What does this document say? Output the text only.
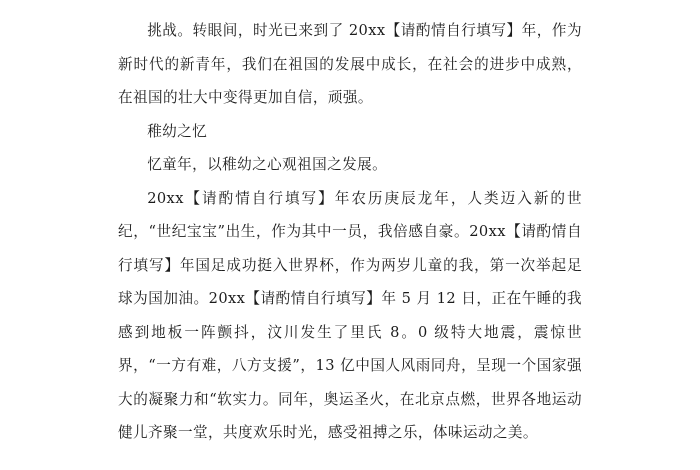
挑战。转眼间，时光已来到了 20xx【请酌情自行填写】年，作为新时代的新青年，我们在祖国的发展中成长，在社会的进步中成熟，在祖国的壮大中变得更加自信，顽强。

稚幼之忆

忆童年，以稚幼之心观祖国之发展。

20xx【请酌情自行填写】年农历庚辰龙年，人类迈入新的世纪，“世纪宝宝”出生，作为其中一员，我倍感自豪。20xx【请酌情自行填写】年国足成功挺入世界杯，作为两岁儿童的我，第一次举起足球为国加油。20xx【请酌情自行填写】年 5 月 12 日，正在午睡的我感到地板一阵颤抖，汶川发生了里氏 8。0 级特大地震，震惊世界，“一方有难，八方支援”，13 亿中国人风雨同舟，呈现一个国家强大的凝聚力和“软实力。同年，奥运圣火，在北京点燃，世界各地运动健儿齐聚一堂，共度欢乐时光，感受祖搏之乐，体味运动之美。
